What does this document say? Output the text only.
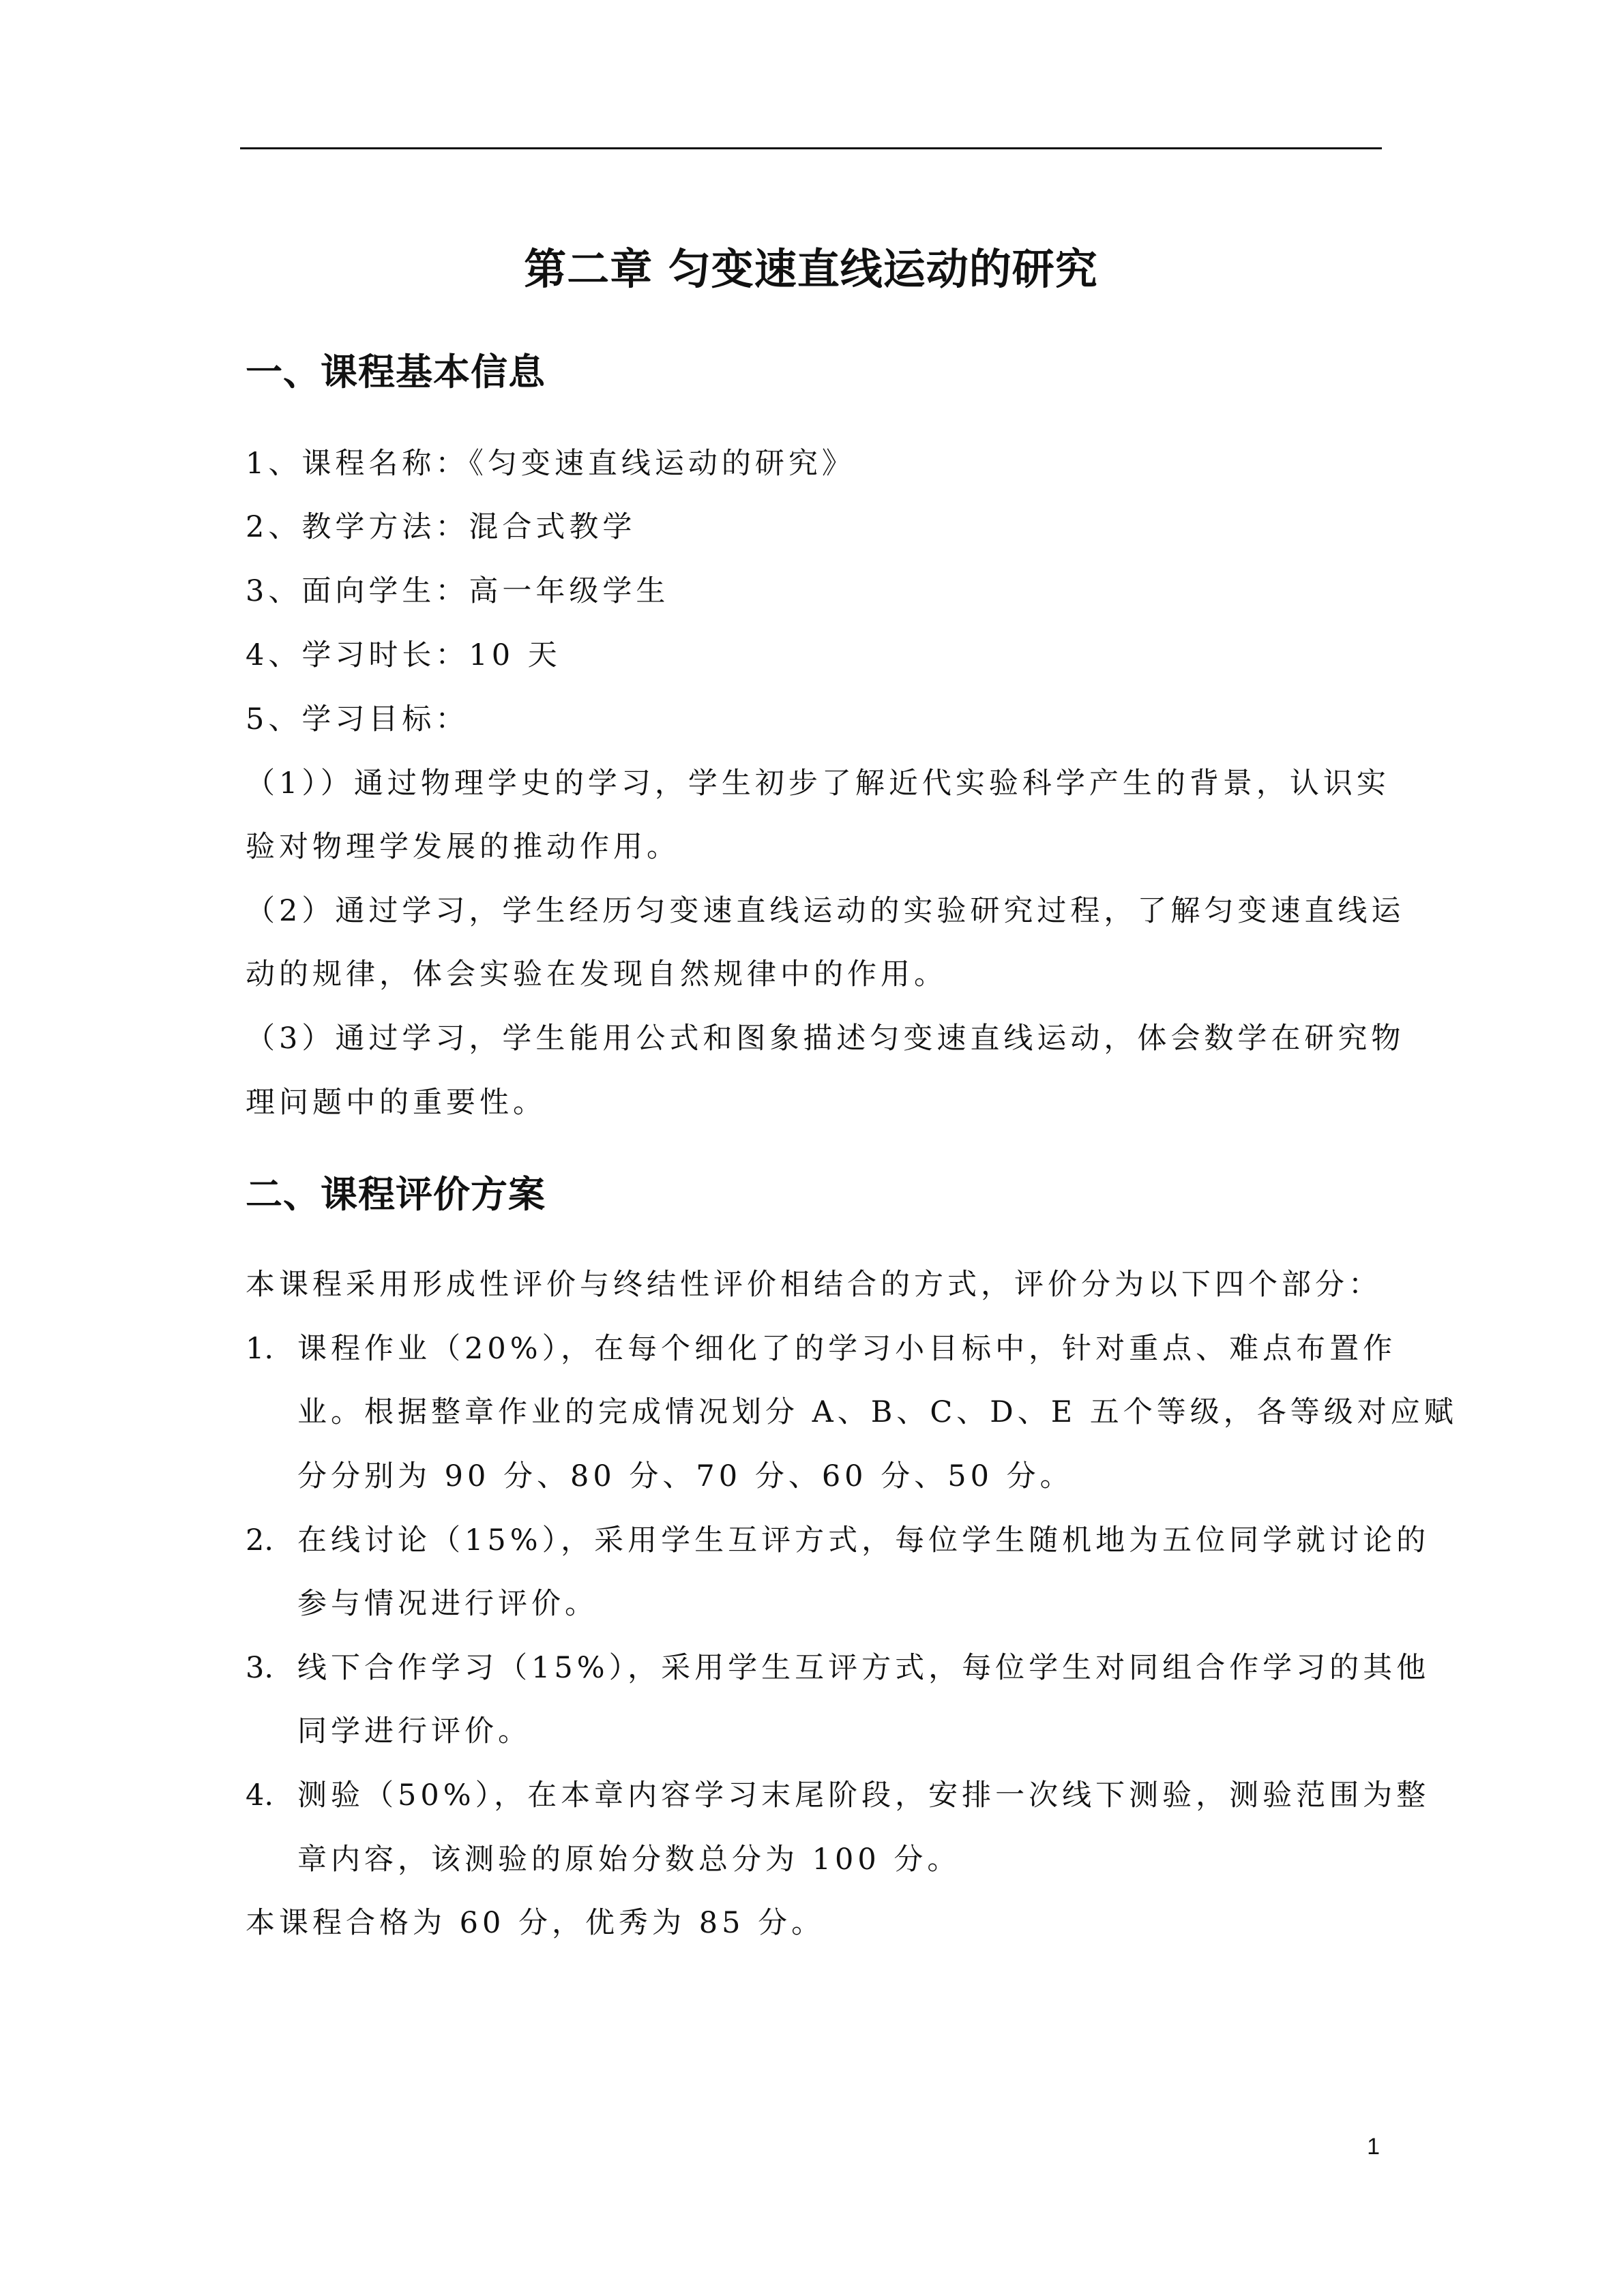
第二章 匀变速直线运动的研究
一、课程基本信息
1、课程名称：《匀变速直线运动的研究》
2、教学方法：混合式教学
3、面向学生：高一年级学生
4、学习时长：10 天
5、学习目标：
（1））通过物理学史的学习，学生初步了解近代实验科学产生的背景，认识实
验对物理学发展的推动作用。
（2）通过学习，学生经历匀变速直线运动的实验研究过程，了解匀变速直线运
动的规律，体会实验在发现自然规律中的作用。
（3）通过学习，学生能用公式和图象描述匀变速直线运动，体会数学在研究物
理问题中的重要性。
二、课程评价方案
本课程采用形成性评价与终结性评价相结合的方式，评价分为以下四个部分：
1. 课程作业（20%），在每个细化了的学习小目标中，针对重点、难点布置作
业。根据整章作业的完成情况划分 A、B、C、D、E 五个等级，各等级对应赋
分分别为 90 分、80 分、70 分、60 分、50 分。
2. 在线讨论（15%），采用学生互评方式，每位学生随机地为五位同学就讨论的
参与情况进行评价。
3. 线下合作学习（15%），采用学生互评方式，每位学生对同组合作学习的其他
同学进行评价。
4. 测验（50%），在本章内容学习末尾阶段，安排一次线下测验，测验范围为整
章内容，该测验的原始分数总分为 100 分。
本课程合格为 60 分，优秀为 85 分。
1
